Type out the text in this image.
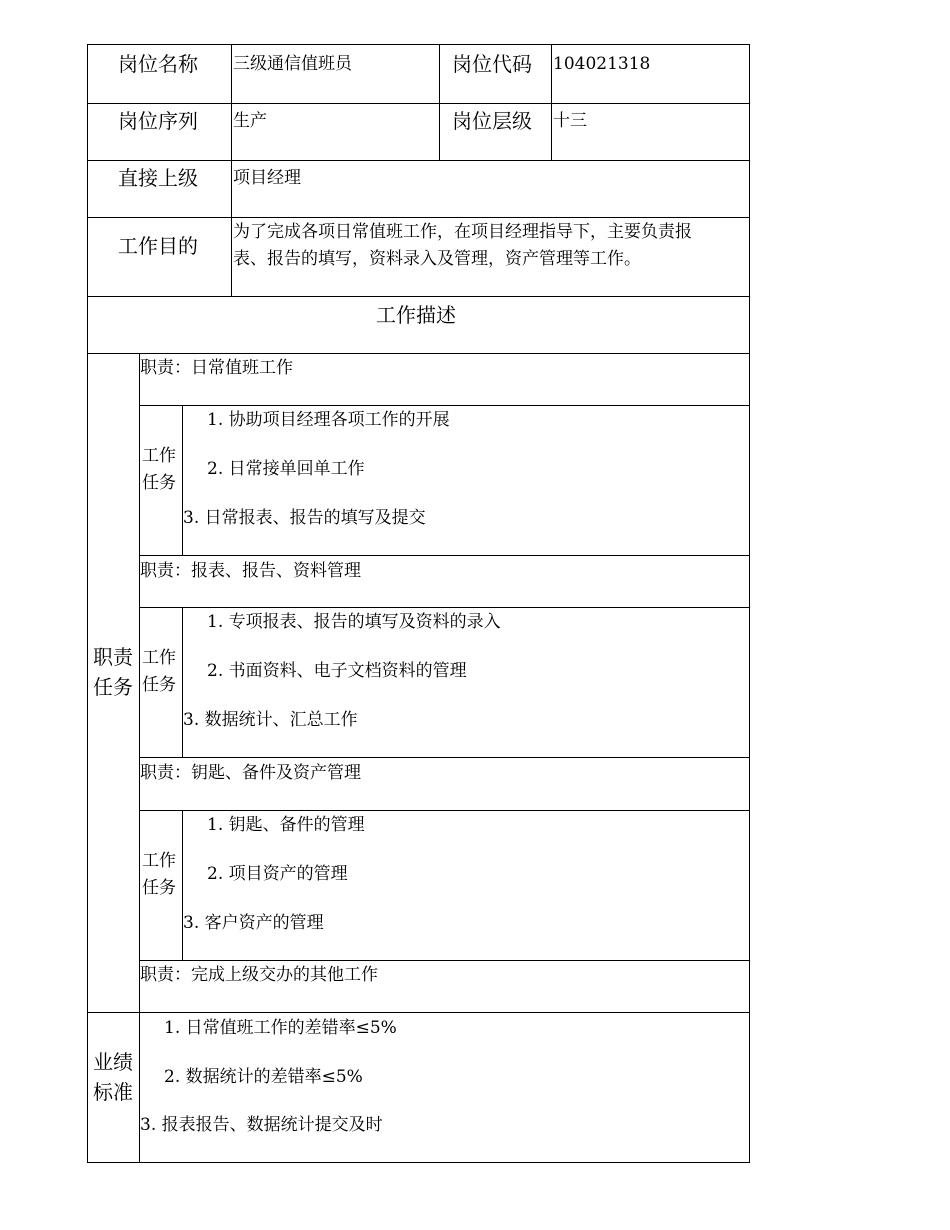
岗位名称 三级通信值班员	岗位代码 104021318
岗位序列 生产	岗位层级 十三
直接上级 项目经理
工作目的
为了完成各项日常值班工作，在项目经理指导下，主要负责报
表、报告的填写，资料录入及管理，资产管理等工作。
工作描述
职责
任务
职责：日常值班工作
工作
任务
1. 协助项目经理各项工作的开展
2. 日常接单回单工作
3. 日常报表、报告的填写及提交
职责：报表、报告、资料管理
工作
任务
1. 专项报表、报告的填写及资料的录入
2. 书面资料、电子文档资料的管理
3. 数据统计、汇总工作
职责：钥匙、备件及资产管理
工作
任务
1. 钥匙、备件的管理
2. 项目资产的管理
3. 客户资产的管理
职责：完成上级交办的其他工作
业绩
标准
1. 日常值班工作的差错率≤5%
2. 数据统计的差错率≤5%
3. 报表报告、数据统计提交及时
